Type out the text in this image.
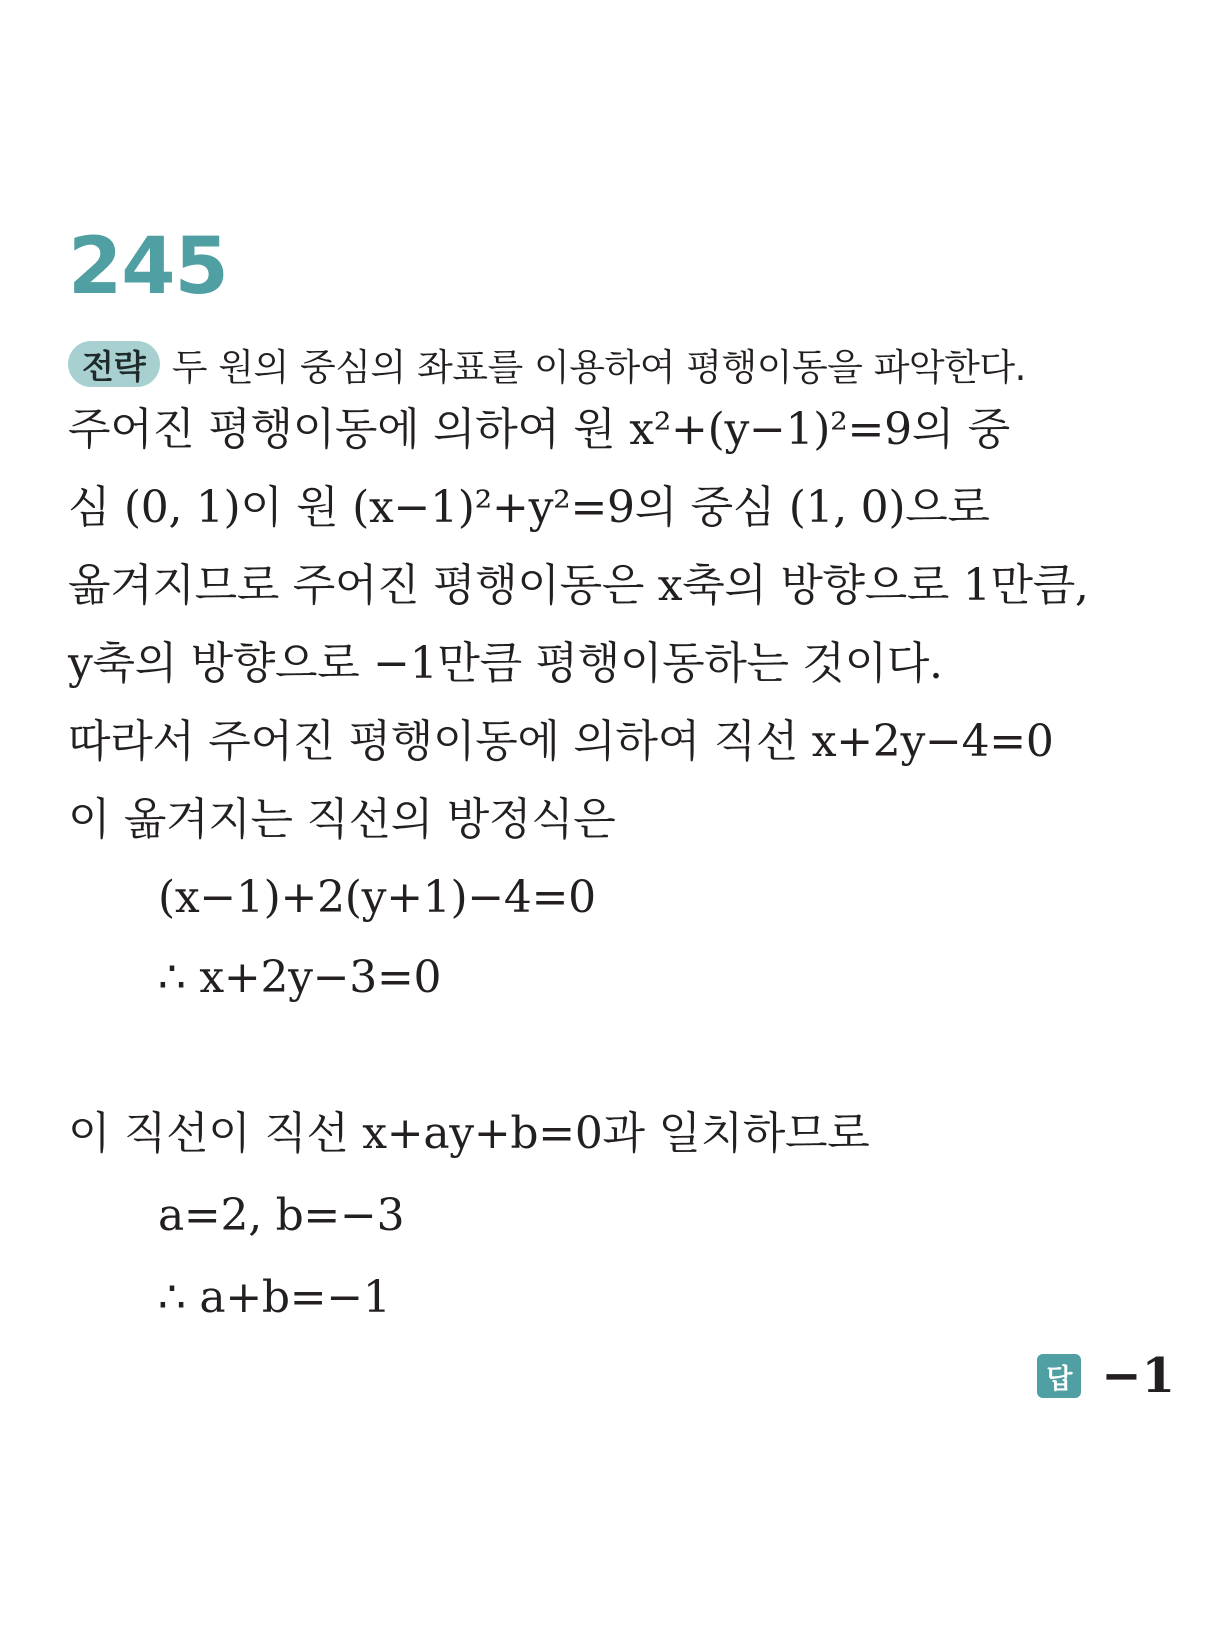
245
전략 두 원의 중심의 좌표를 이용하여 평행이동을 파악한다.
주어진 평행이동에 의하여 원 x²+(y−1)²=9의 중
심 (0, 1)이 원 (x−1)²+y²=9의 중심 (1, 0)으로
옮겨지므로 주어진 평행이동은 x축의 방향으로 1만큼,
y축의 방향으로 −1만큼 평행이동하는 것이다.
따라서 주어진 평행이동에 의하여 직선 x+2y−4=0
이 옮겨지는 직선의 방정식은
(x−1)+2(y+1)−4=0
∴ x+2y−3=0
이 직선이 직선 x+ay+b=0과 일치하므로
a=2, b=−3
∴ a+b=−1
답 −1
